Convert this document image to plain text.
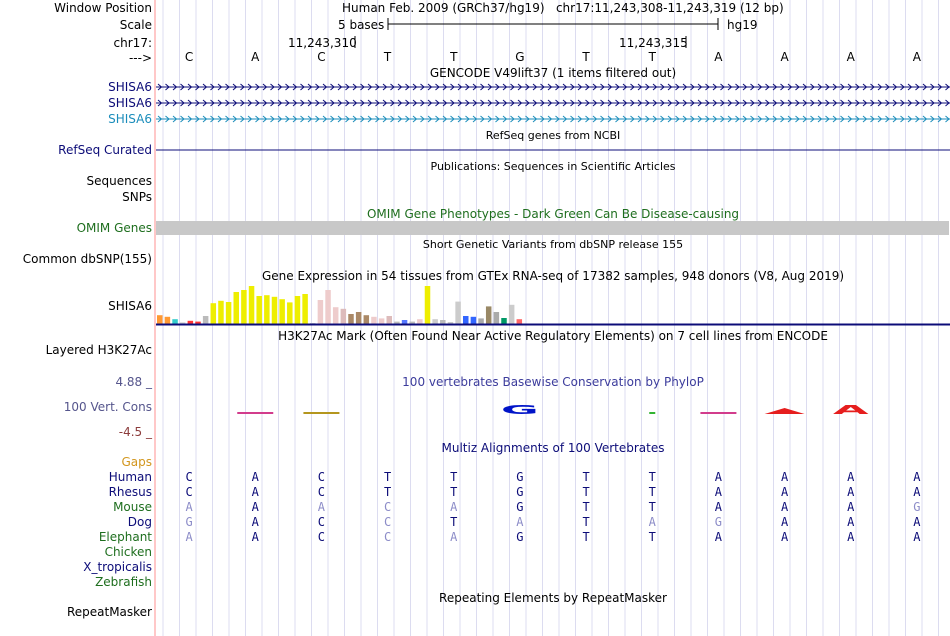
Window Position	Human Feb. 2009 (GRCh37/hg19)   chr17:11,243,308-11,243,319 (12 bp)
Scale	5 bases	hg19
chr17:	11,243,310	11,243,315
--->	C	A	C	T	T	G	T	T	A	A	A	A
GENCODE V49lift37 (1 items filtered out)
SHISA6
SHISA6
SHISA6
RefSeq genes from NCBI
RefSeq Curated
Publications: Sequences in Scientific Articles
Sequences
SNPs
OMIM Gene Phenotypes - Dark Green Can Be Disease-causing
OMIM Genes
Short Genetic Variants from dbSNP release 155
Common dbSNP(155)
Gene Expression in 54 tissues from GTEx RNA-seq of 17382 samples, 948 donors (V8, Aug 2019)
SHISA6
H3K27Ac Mark (Often Found Near Active Regulatory Elements) on 7 cell lines from ENCODE
Layered H3K27Ac
4.88 _	100 vertebrates Basewise Conservation by PhyloP
100 Vert. Cons
-4.5 _
G	A
Multiz Alignments of 100 Vertebrates
Gaps
Human	C	A	C	T	T	G	T	T	A	A	A	A
Rhesus	C	A	C	T	T	G	T	T	A	A	A	A
Mouse	A	A	A	C	A	G	T	T	A	A	A	G
Dog	G	A	C	C	T	A	T	A	G	A	A	A
Elephant	A	A	C	C	A	G	T	T	A	A	A	A
Chicken
X_tropicalis
Zebrafish
Repeating Elements by RepeatMasker
RepeatMasker
